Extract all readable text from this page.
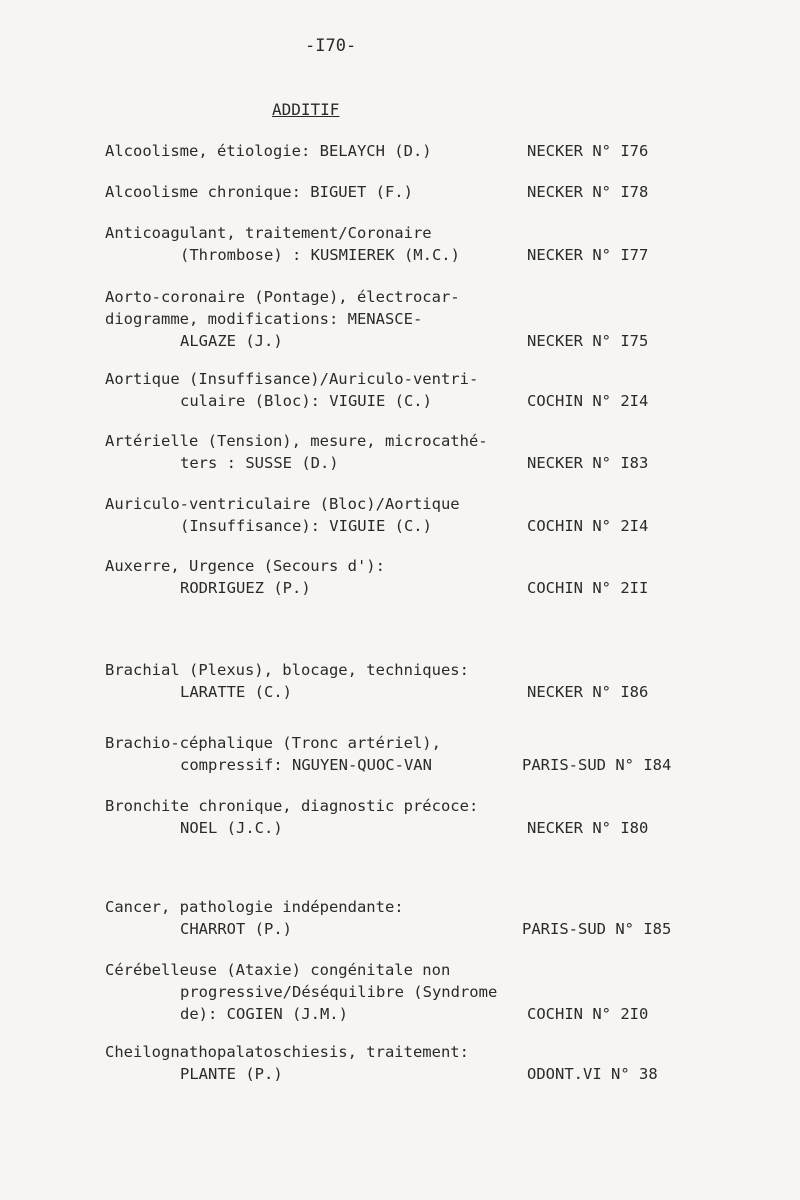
-I70-
ADDITIF
Alcoolisme, étiologie: BELAYCH (D.)	NECKER N° I76
Alcoolisme chronique: BIGUET (F.)	NECKER N° I78
Anticoagulant, traitement/Coronaire
(Thrombose) : KUSMIEREK (M.C.)	NECKER N° I77
Aorto-coronaire (Pontage), électrocar-
diogramme, modifications: MENASCE-
ALGAZE (J.)	NECKER N° I75
Aortique (Insuffisance)/Auriculo-ventri-
culaire (Bloc): VIGUIE (C.)	COCHIN N° 2I4
Artérielle (Tension), mesure, microcathé-
ters : SUSSE (D.)	NECKER N° I83
Auriculo-ventriculaire (Bloc)/Aortique
(Insuffisance): VIGUIE (C.)	COCHIN N° 2I4
Auxerre, Urgence (Secours d'):
RODRIGUEZ (P.)	COCHIN N° 2II
Brachial (Plexus), blocage, techniques:
LARATTE (C.)	NECKER N° I86
Brachio-céphalique (Tronc artériel),
compressif: NGUYEN-QUOC-VAN	PARIS-SUD N° I84
Bronchite chronique, diagnostic précoce:
NOEL (J.C.)	NECKER N° I80
Cancer, pathologie indépendante:
CHARROT (P.)	PARIS-SUD N° I85
Cérébelleuse (Ataxie) congénitale non
progressive/Déséquilibre (Syndrome
de): COGIEN (J.M.)	COCHIN N° 2I0
Cheilognathopalatoschiesis, traitement:
PLANTE (P.)	ODONT.VI N° 38
